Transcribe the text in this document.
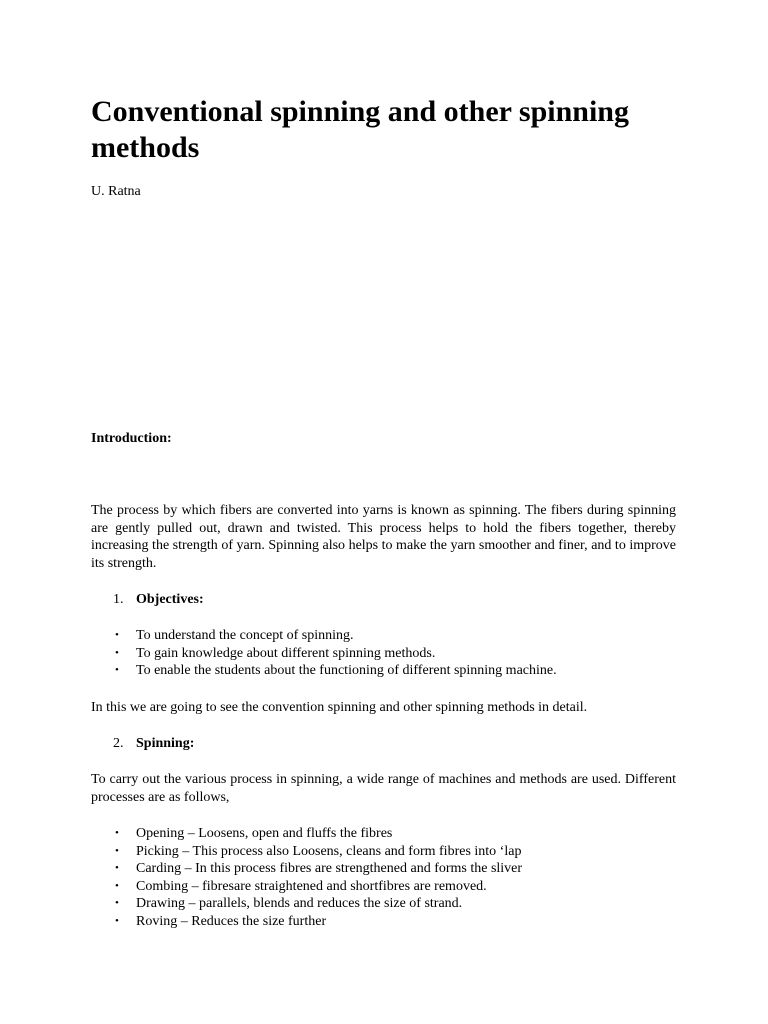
Conventional spinning and other spinning methods

U. Ratna

Introduction:

The process by which fibers are converted into yarns is known as spinning. The fibers during spinning are gently pulled out, drawn and twisted. This process helps to hold the fibers together, thereby increasing the strength of yarn. Spinning also helps to make the yarn smoother and finer, and to improve its strength.

1. Objectives:

• To understand the concept of spinning.
• To gain knowledge about different spinning methods.
• To enable the students about the functioning of different spinning machine.

In this we are going to see the convention spinning and other spinning methods in detail.

2. Spinning:

To carry out the various process in spinning, a wide range of machines and methods are used. Different processes are as follows,

• Opening – Loosens, open and fluffs the fibres
• Picking – This process also Loosens, cleans and form fibres into ‘lap
• Carding – In this process fibres are strengthened and forms the sliver
• Combing – fibresare straightened and shortfibres are removed.
• Drawing – parallels, blends and reduces the size of strand.
• Roving – Reduces the size further
